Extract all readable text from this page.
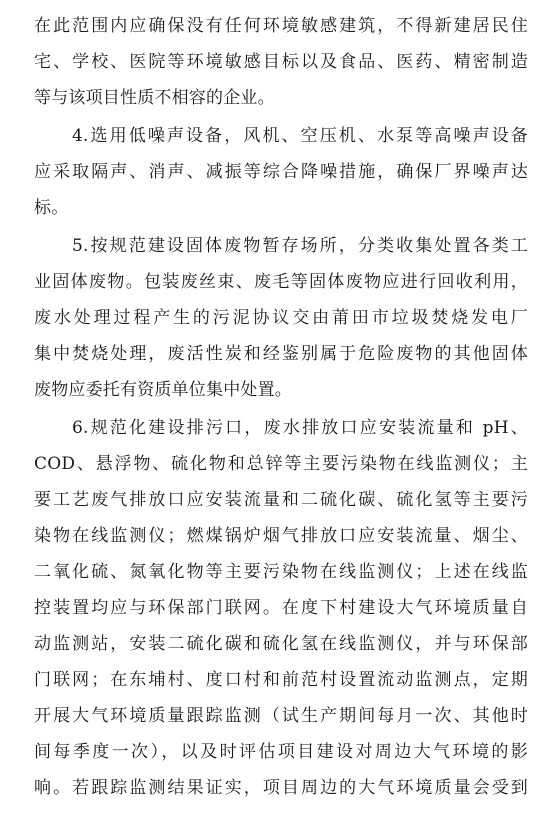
在此范围内应确保没有任何环境敏感建筑，不得新建居民住
宅、学校、医院等环境敏感目标以及食品、医药、精密制造
等与该项目性质不相容的企业。
4.选用低噪声设备，风机、空压机、水泵等高噪声设备
应采取隔声、消声、减振等综合降噪措施，确保厂界噪声达
标。
5.按规范建设固体废物暂存场所，分类收集处置各类工
业固体废物。包装废丝束、废毛等固体废物应进行回收利用，
废水处理过程产生的污泥协议交由莆田市垃圾焚烧发电厂
集中焚烧处理，废活性炭和经鉴别属于危险废物的其他固体
废物应委托有资质单位集中处置。
6.规范化建设排污口，废水排放口应安装流量和 pH、
COD、悬浮物、硫化物和总锌等主要污染物在线监测仪；主
要工艺废气排放口应安装流量和二硫化碳、硫化氢等主要污
染物在线监测仪；燃煤锅炉烟气排放口应安装流量、烟尘、
二氧化硫、氮氧化物等主要污染物在线监测仪；上述在线监
控装置均应与环保部门联网。在度下村建设大气环境质量自
动监测站，安装二硫化碳和硫化氢在线监测仪，并与环保部
门联网；在东埔村、度口村和前范村设置流动监测点，定期
开展大气环境质量跟踪监测（试生产期间每月一次、其他时
间每季度一次），以及时评估项目建设对周边大气环境的影
响。若跟踪监测结果证实，项目周边的大气环境质量会受到
